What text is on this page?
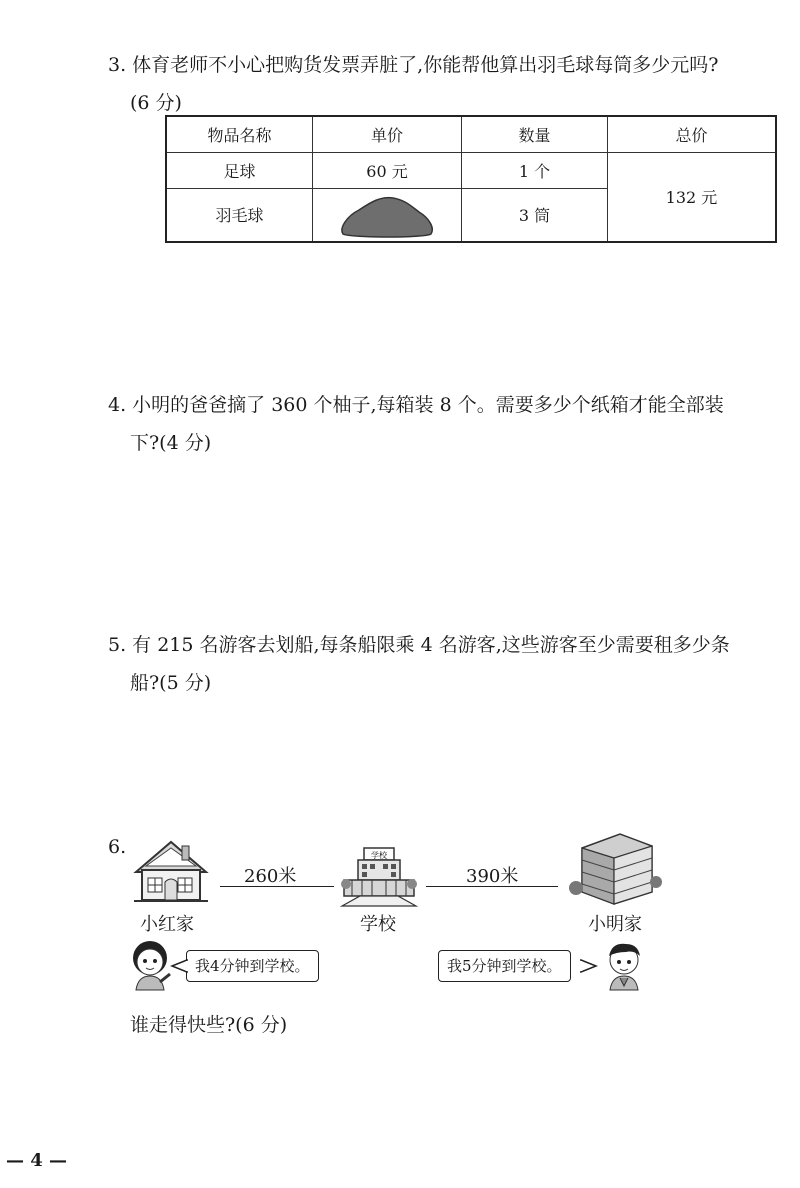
3. 体育老师不小心把购货发票弄脏了,你能帮他算出羽毛球每筒多少元吗?
(6 分)
物品名称	单价	数量	总价
足球	60 元	1 个	132 元
羽毛球		3 筒	
4. 小明的爸爸摘了 360 个柚子,每箱装 8 个。需要多少个纸箱才能全部装
下?(4 分)
5. 有 215 名游客去划船,每条船限乘 4 名游客,这些游客至少需要租多少条
船?(5 分)
6.
小红家
260米
学校
学校
390米
小明家
我4分钟到学校。	我5分钟到学校。
谁走得快些?(6 分)
— 4 —
